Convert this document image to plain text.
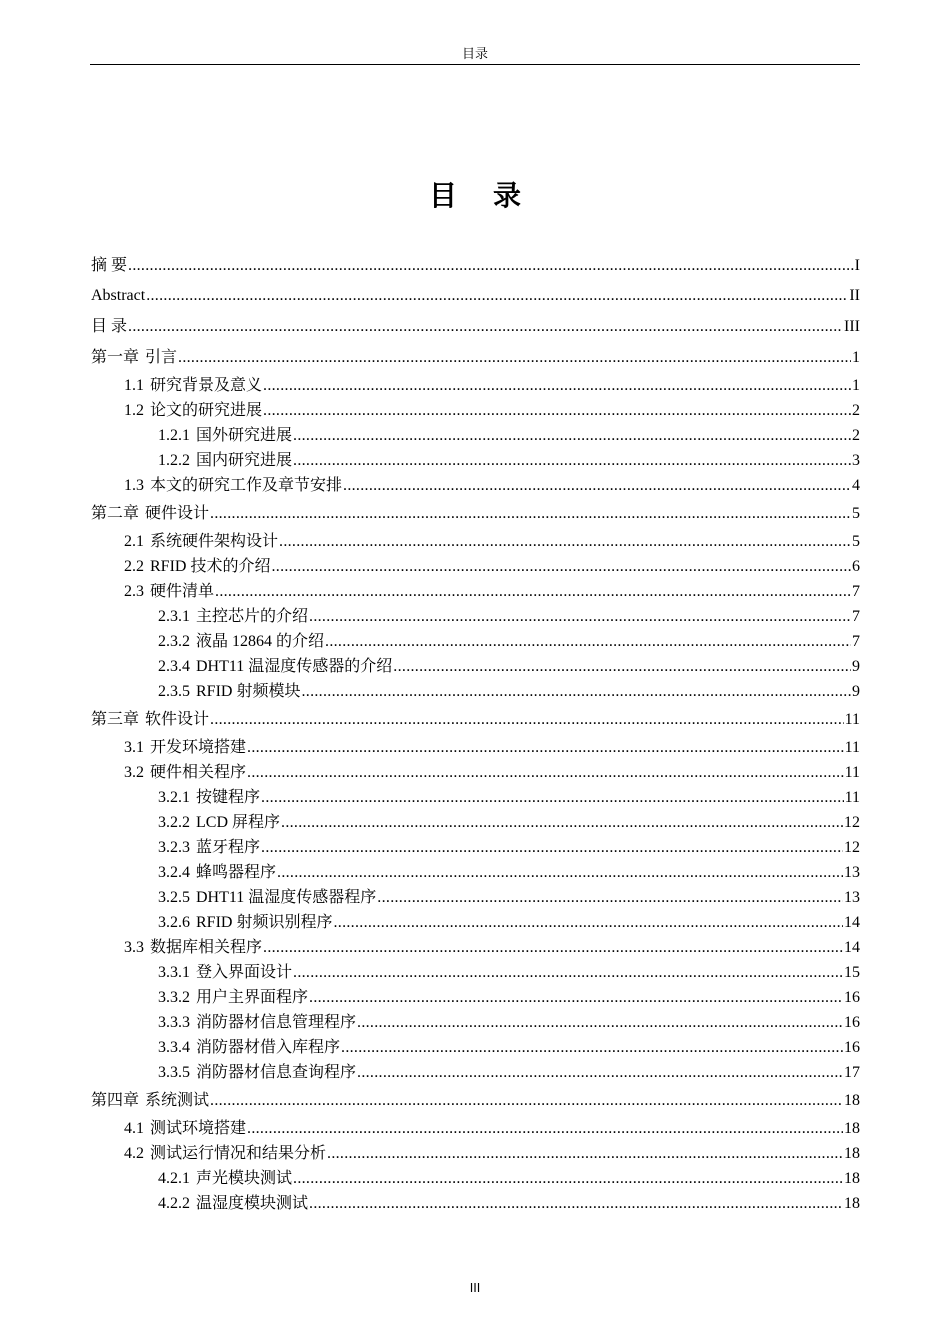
目录
目录
摘 要 .....	I
Abstract .....	II
目 录 .....	III
第一章 引言 .....	1
1.1 研究背景及意义 .....	1
1.2 论文的研究进展 .....	2
1.2.1 国外研究进展 .....	2
1.2.2 国内研究进展 .....	3
1.3 本文的研究工作及章节安排 .....	4
第二章 硬件设计 .....	5
2.1 系统硬件架构设计 .....	5
2.2 RFID 技术的介绍 .....	6
2.3 硬件清单 .....	7
2.3.1 主控芯片的介绍 .....	7
2.3.2 液晶 12864 的介绍 .....	7
2.3.4 DHT11 温湿度传感器的介绍 .....	9
2.3.5 RFID 射频模块 .....	9
第三章 软件设计 .....	11
3.1 开发环境搭建 .....	11
3.2 硬件相关程序 .....	11
3.2.1 按键程序 .....	11
3.2.2 LCD 屏程序 .....	12
3.2.3 蓝牙程序 .....	12
3.2.4 蜂鸣器程序 .....	13
3.2.5 DHT11 温湿度传感器程序 .....	13
3.2.6 RFID 射频识别程序 .....	14
3.3 数据库相关程序 .....	14
3.3.1 登入界面设计 .....	15
3.3.2 用户主界面程序 .....	16
3.3.3 消防器材信息管理程序 .....	16
3.3.4 消防器材借入库程序 .....	16
3.3.5 消防器材信息查询程序 .....	17
第四章 系统测试 .....	18
4.1 测试环境搭建 .....	18
4.2 测试运行情况和结果分析 .....	18
4.2.1 声光模块测试 .....	18
4.2.2 温湿度模块测试 .....	18
III
